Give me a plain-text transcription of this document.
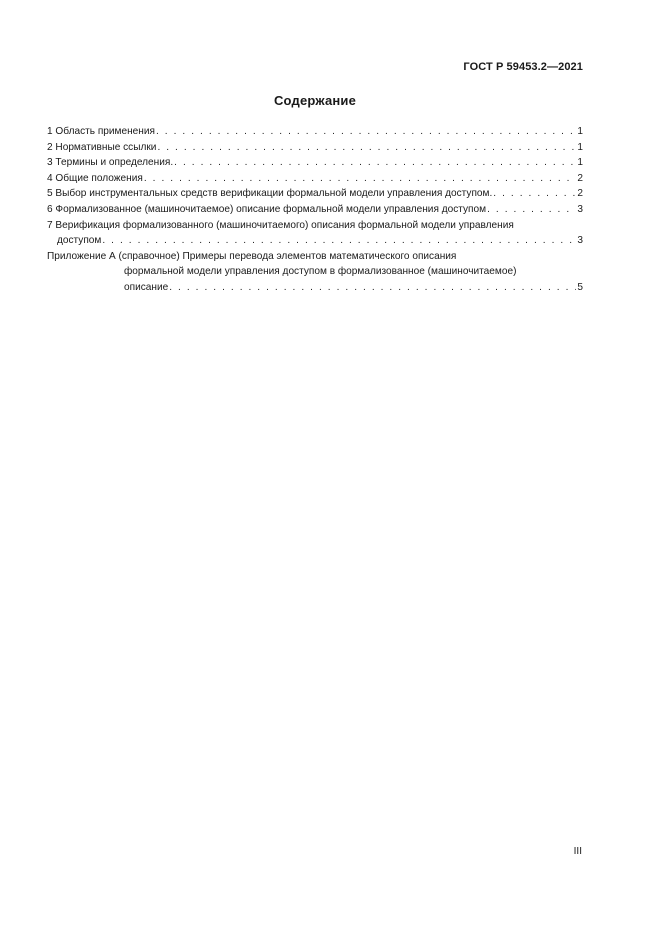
ГОСТ Р 59453.2—2021
Содержание
1 Область применения . . .	1
2 Нормативные ссылки . . .	1
3 Термины и определения. . . .	1
4 Общие положения . . .	2
5 Выбор инструментальных средств верификации формальной модели управления доступом. . . .	2
6 Формализованное (машиночитаемое) описание формальной модели управления доступом . . .	3
7 Верификация формализованного (машиночитаемого) описания формальной модели управления
доступом . . .	3
Приложение А (справочное) Примеры перевода элементов математического описания
формальной модели управления доступом в формализованное (машиночитаемое)
описание . . .	5
III
